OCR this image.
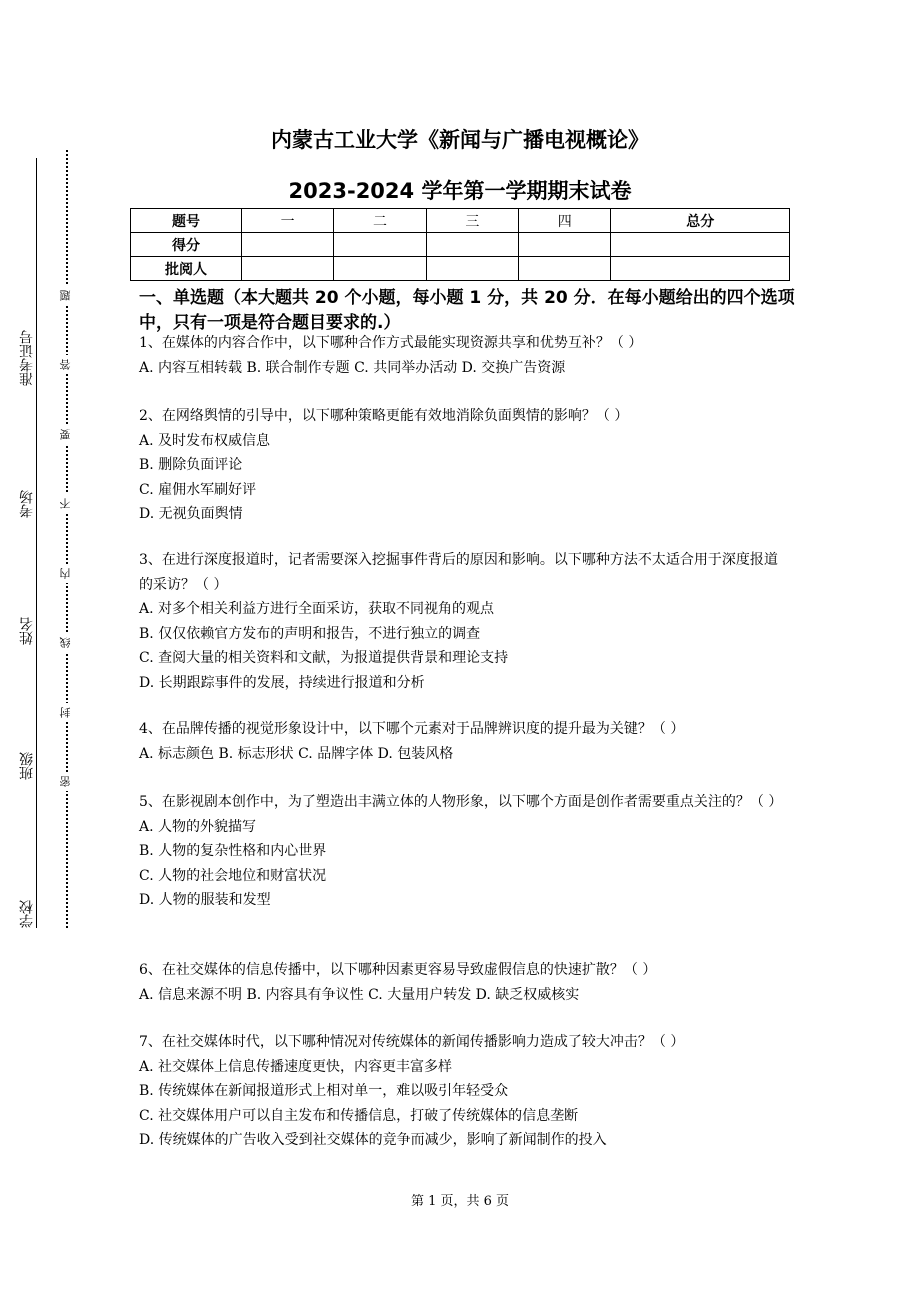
学校
班级
姓名
考场
准考证号
密
封
线
内
不
要
答
题
内蒙古工业大学《新闻与广播电视概论》
2023-2024 学年第一学期期末试卷
题号	一	二	三	四	总分
得分					
批阅人					
一、单选题（本大题共 20 个小题，每小题 1 分，共 20 分．在每小题给出的四个选项中，只有一项是符合题目要求的.）
1、在媒体的内容合作中，以下哪种合作方式最能实现资源共享和优势互补？（ ）
A. 内容互相转载 B. 联合制作专题 C. 共同举办活动 D. 交换广告资源
2、在网络舆情的引导中，以下哪种策略更能有效地消除负面舆情的影响？（ ）
A. 及时发布权威信息
B. 删除负面评论
C. 雇佣水军刷好评
D. 无视负面舆情
3、在进行深度报道时，记者需要深入挖掘事件背后的原因和影响。以下哪种方法不太适合用于深度报道的采访？（ ）
A. 对多个相关利益方进行全面采访，获取不同视角的观点
B. 仅仅依赖官方发布的声明和报告，不进行独立的调查
C. 查阅大量的相关资料和文献，为报道提供背景和理论支持
D. 长期跟踪事件的发展，持续进行报道和分析
4、在品牌传播的视觉形象设计中，以下哪个元素对于品牌辨识度的提升最为关键？（ ）
A. 标志颜色 B. 标志形状 C. 品牌字体 D. 包装风格
5、在影视剧本创作中，为了塑造出丰满立体的人物形象，以下哪个方面是创作者需要重点关注的？（ ）
A. 人物的外貌描写
B. 人物的复杂性格和内心世界
C. 人物的社会地位和财富状况
D. 人物的服装和发型
6、在社交媒体的信息传播中，以下哪种因素更容易导致虚假信息的快速扩散？（ ）
A. 信息来源不明 B. 内容具有争议性 C. 大量用户转发 D. 缺乏权威核实
7、在社交媒体时代，以下哪种情况对传统媒体的新闻传播影响力造成了较大冲击？（ ）
A. 社交媒体上信息传播速度更快，内容更丰富多样
B. 传统媒体在新闻报道形式上相对单一，难以吸引年轻受众
C. 社交媒体用户可以自主发布和传播信息，打破了传统媒体的信息垄断
D. 传统媒体的广告收入受到社交媒体的竞争而减少，影响了新闻制作的投入
第 1 页，共 6 页
